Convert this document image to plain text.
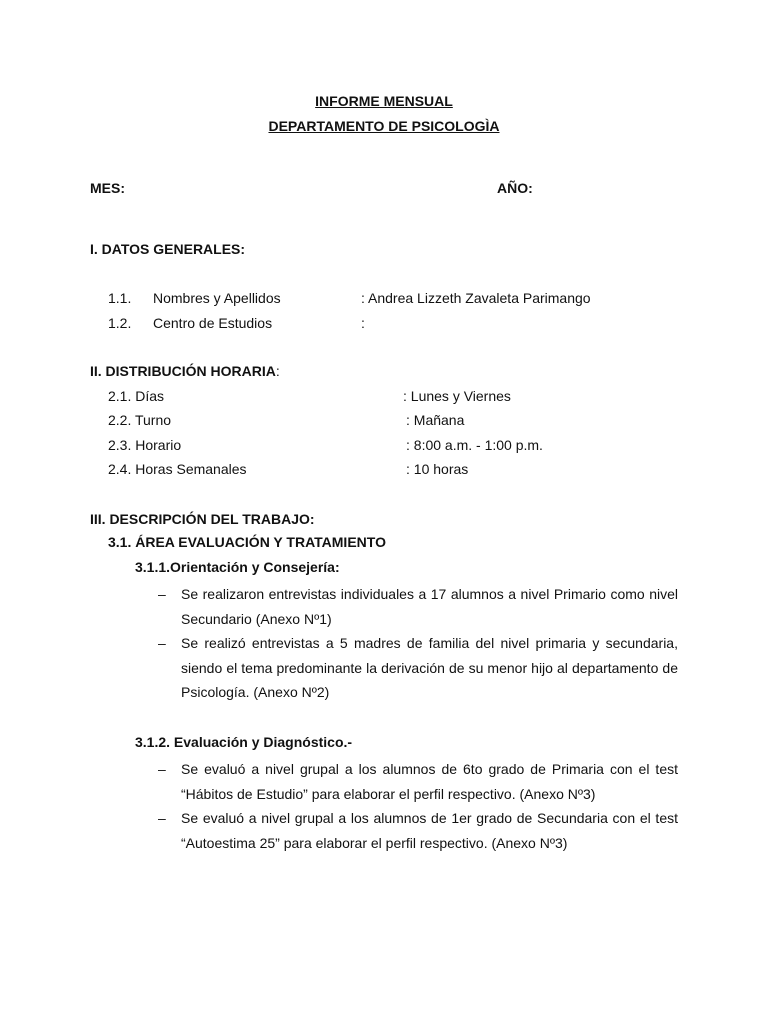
INFORME MENSUAL
DEPARTAMENTO DE PSICOLOGÌA
MES:	AÑO:
I. DATOS GENERALES:
1.1. Nombres y Apellidos	: Andrea Lizzeth Zavaleta Parimango
1.2. Centro de Estudios	:
II. DISTRIBUCIÓN HORARIA:
2.1. Días	: Lunes y Viernes
2.2. Turno	: Mañana
2.3. Horario	: 8:00 a.m. - 1:00 p.m.
2.4. Horas Semanales	: 10 horas
III. DESCRIPCIÓN DEL TRABAJO:
3.1. ÁREA EVALUACIÓN Y TRATAMIENTO
3.1.1.Orientación y Consejería:
– Se realizaron entrevistas individuales a 17 alumnos a nivel Primario como nivel Secundario (Anexo Nº1)
– Se realizó entrevistas a 5 madres de familia del nivel primaria y secundaria, siendo el tema predominante la derivación de su menor hijo al departamento de Psicología. (Anexo Nº2)
3.1.2. Evaluación y Diagnóstico.-
– Se evaluó a nivel grupal a los alumnos de 6to grado de Primaria con el test “Hábitos de Estudio” para elaborar el perfil respectivo. (Anexo Nº3)
– Se evaluó a nivel grupal a los alumnos de 1er grado de Secundaria con el test “Autoestima 25” para elaborar el perfil respectivo. (Anexo Nº3)
